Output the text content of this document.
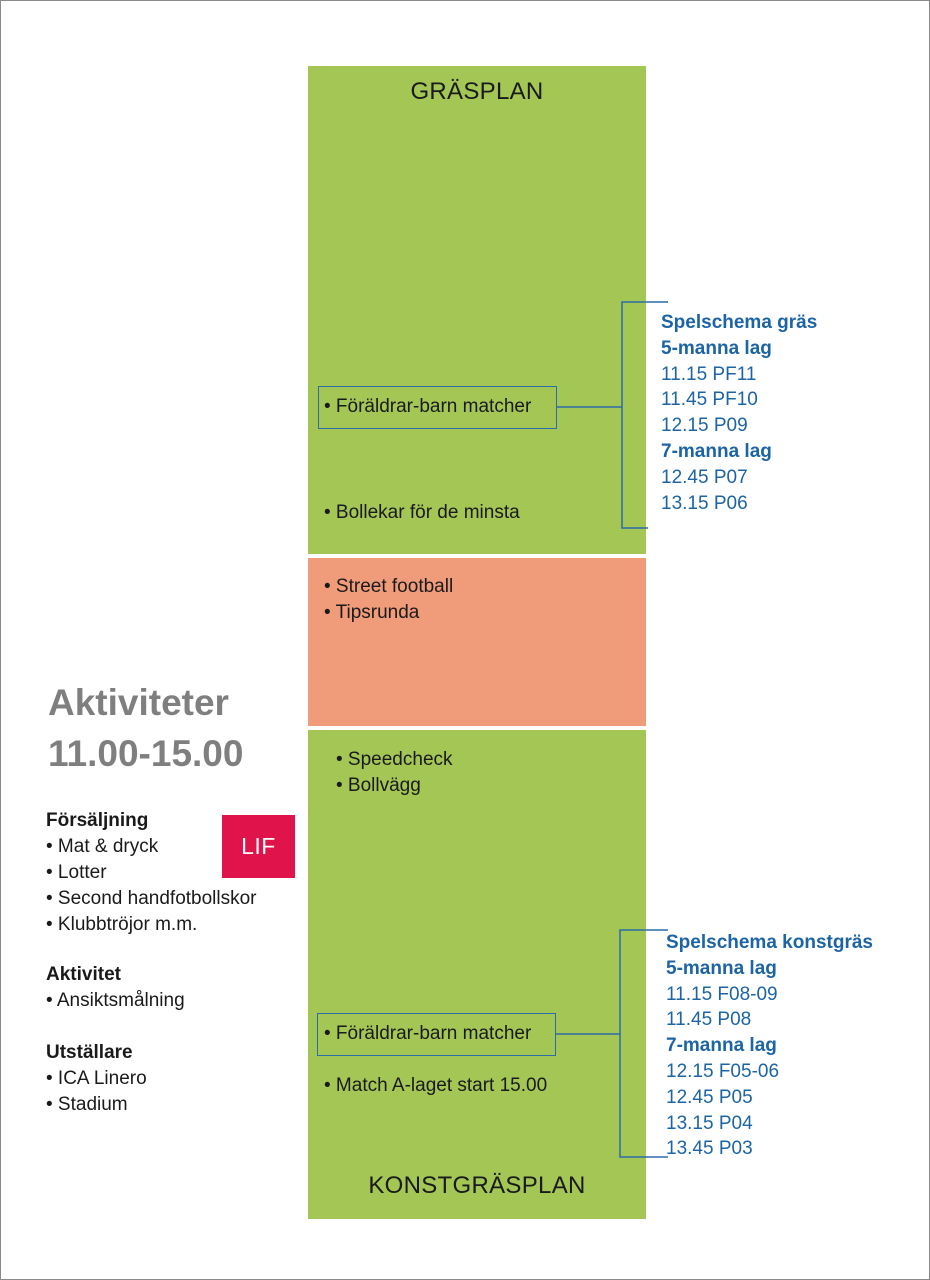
GRÄSPLAN
KONSTGRÄSPLAN
• Föräldrar-barn matcher
• Bollekar för de minsta
• Street football
• Tipsrunda
• Speedcheck
• Bollvägg
• Föräldrar-barn matcher
• Match A-laget start 15.00
Spelschema gräs
5-manna lag
11.15 PF11
11.45 PF10
12.15 P09
7-manna lag
12.45 P07
13.15 P06
Spelschema konstgräs
5-manna lag
11.15 F08-09
11.45 P08
7-manna lag
12.15 F05-06
12.45 P05
13.15 P04
13.45 P03
Aktiviteter
11.00-15.00
LIF
Försäljning
• Mat & dryck
• Lotter
• Second handfotbollskor
• Klubbtröjor m.m.
Aktivitet
• Ansiktsmålning
Utställare
• ICA Linero
• Stadium
